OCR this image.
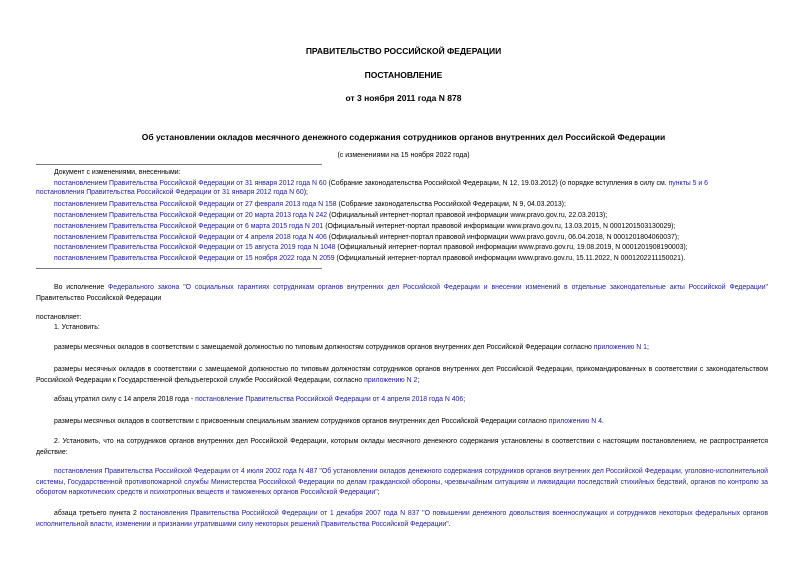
ПРАВИТЕЛЬСТВО РОССИЙСКОЙ ФЕДЕРАЦИИ
ПОСТАНОВЛЕНИЕ
от 3 ноября 2011 года N 878
Об установлении окладов месячного денежного содержания сотрудников органов внутренних дел Российской Федерации
(с изменениями на 15 ноября 2022 года)
Документ с изменениями, внесенными:
постановлением Правительства Российской Федерации от 31 января 2012 года N 60 (Собрание законодательства Российской Федерации, N 12, 19.03.2012) (о порядке вступления в силу см. пункты 5 и 6
постановления Правительства Российской Федерации от 31 января 2012 года N 60);
постановлением Правительства Российской Федерации от 27 февраля 2013 года N 158 (Собрание законодательства Российской Федерации, N 9, 04.03.2013);
постановлением Правительства Российской Федерации от 20 марта 2013 года N 242 (Официальный интернет-портал правовой информации www.pravo.gov.ru, 22.03.2013);
постановлением Правительства Российской Федерации от 6 марта 2015 года N 201 (Официальный интернет-портал правовой информации www.pravo.gov.ru, 13.03.2015, N 0001201503130029);
постановлением Правительства Российской Федерации от 4 апреля 2018 года N 406 (Официальный интернет-портал правовой информации www.pravo.gov.ru, 06.04.2018, N 0001201804060037);
постановлением Правительства Российской Федерации от 15 августа 2019 года N 1048 (Официальный интернет-портал правовой информации www.pravo.gov.ru, 19.08.2019, N 0001201908190003);
постановлением Правительства Российской Федерации от 15 ноября 2022 года N 2059 (Официальный интернет-портал правовой информации www.pravo.gov.ru, 15.11.2022, N 0001202211150021).
Во исполнение Федерального закона "О социальных гарантиях сотрудникам органов внутренних дел Российской Федерации и внесении изменений в отдельные законодательные акты Российской Федерации" Правительство Российской Федерации
постановляет:
1. Установить:
размеры месячных окладов в соответствии с замещаемой должностью по типовым должностям сотрудников органов внутренних дел Российской Федерации согласно приложению N 1;
размеры месячных окладов в соответствии с замещаемой должностью по типовым должностям сотрудников органов внутренних дел Российской Федерации, прикомандированных в соответствии с законодательством Российской Федерации к Государственной фельдъегерской службе Российской Федерации, согласно приложению N 2;
абзац утратил силу с 14 апреля 2018 года - постановление Правительства Российской Федерации от 4 апреля 2018 года N 406;
размеры месячных окладов в соответствии с присвоенным специальным званием сотрудников органов внутренних дел Российской Федерации согласно приложению N 4.
2. Установить, что на сотрудников органов внутренних дел Российской Федерации, которым оклады месячного денежного содержания установлены в соответствии с настоящим постановлением, не распространяется действие:
постановления Правительства Российской Федерации от 4 июля 2002 года N 487 "Об установлении окладов денежного содержания сотрудников органов внутренних дел Российской Федерации, уголовно-исполнительной системы, Государственной противопожарной службы Министерства Российской Федерации по делам гражданской обороны, чрезвычайным ситуациям и ликвидации последствий стихийных бедствий, органов по контролю за оборотом наркотических средств и психотропных веществ и таможенных органов Российской Федерации";
абзаца третьего пункта 2 постановления Правительства Российской Федерации от 1 декабря 2007 года N 837 "О повышении денежного довольствия военнослужащих и сотрудников некоторых федеральных органов исполнительной власти, изменении и признании утратившими силу некоторых решений Правительства Российской Федерации".
